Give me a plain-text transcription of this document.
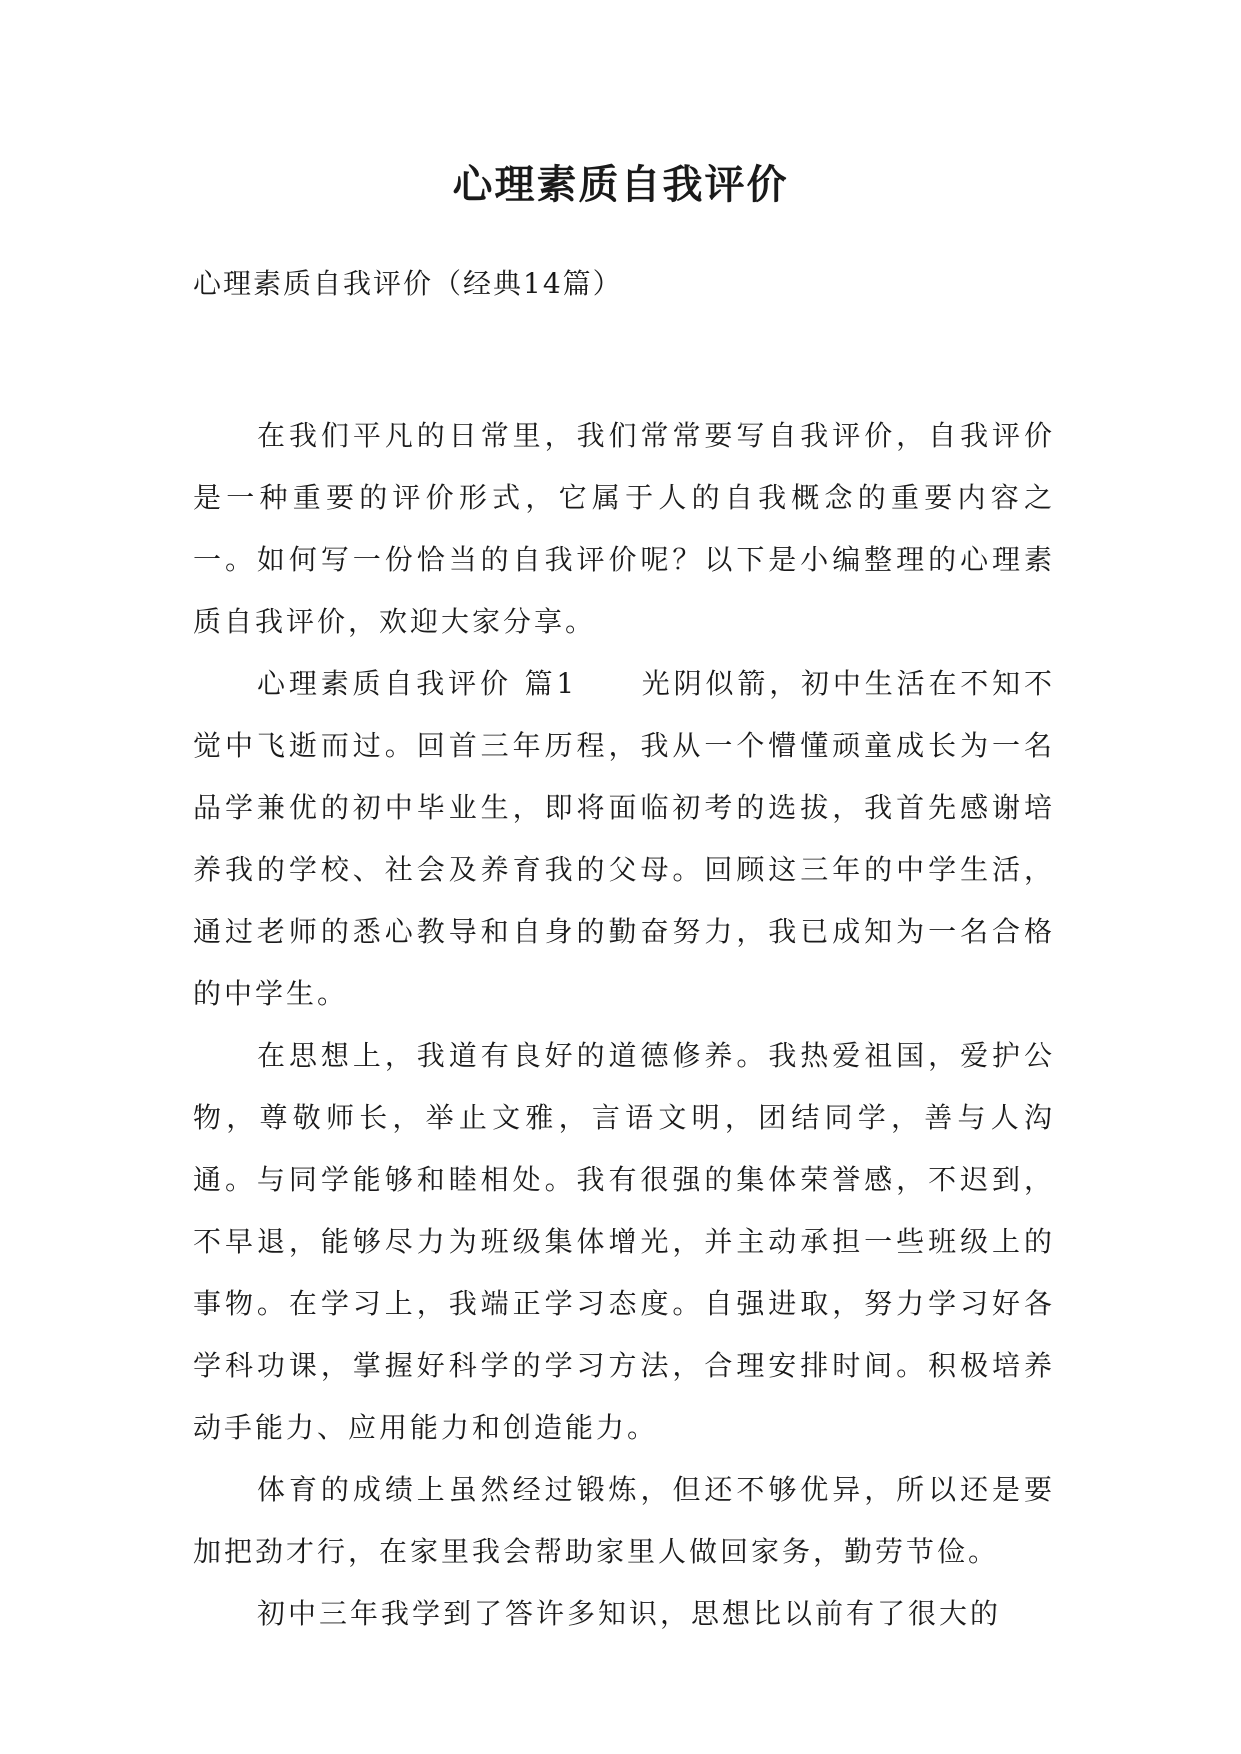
心理素质自我评价

心理素质自我评价（经典14篇）

在我们平凡的日常里，我们常常要写自我评价，自我评价是一种重要的评价形式，它属于人的自我概念的重要内容之一。如何写一份恰当的自我评价呢？以下是小编整理的心理素质自我评价，欢迎大家分享。

心理素质自我评价 篇1　　光阴似箭，初中生活在不知不觉中飞逝而过。回首三年历程，我从一个懵懂顽童成长为一名品学兼优的初中毕业生，即将面临初考的选拔，我首先感谢培养我的学校、社会及养育我的父母。回顾这三年的中学生活，通过老师的悉心教导和自身的勤奋努力，我已成知为一名合格的中学生。

在思想上，我道有良好的道德修养。我热爱祖国，爱护公物，尊敬师长，举止文雅，言语文明，团结同学，善与人沟通。与同学能够和睦相处。我有很强的集体荣誉感，不迟到，不早退，能够尽力为班级集体增光，并主动承担一些班级上的事物。在学习上，我端正学习态度。自强进取，努力学习好各学科功课，掌握好科学的学习方法，合理安排时间。积极培养动手能力、应用能力和创造能力。

体育的成绩上虽然经过锻炼，但还不够优异，所以还是要加把劲才行，在家里我会帮助家里人做回家务，勤劳节俭。

初中三年我学到了答许多知识，思想比以前有了很大的
